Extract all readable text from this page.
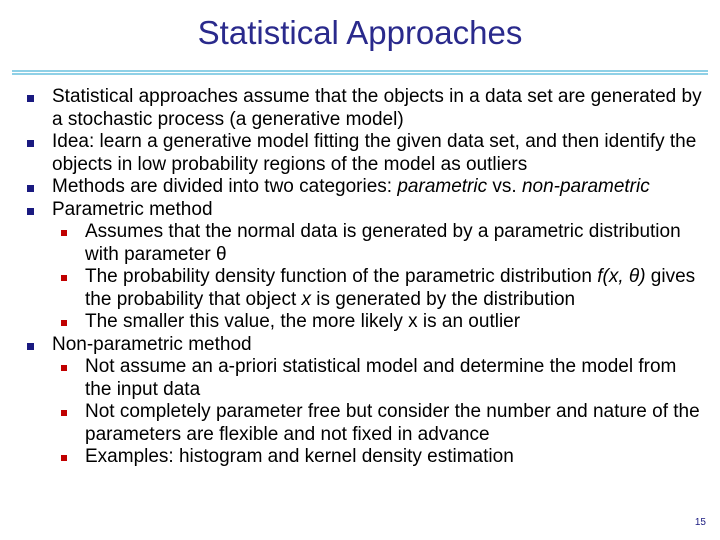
Statistical Approaches

Statistical approaches assume that the objects in a data set are generated by a stochastic process (a generative model)

Idea: learn a generative model fitting the given data set, and then identify the objects in low probability regions of the model as outliers

Methods are divided into two categories: parametric vs. non-parametric

Parametric method

Assumes that the normal data is generated by a parametric distribution with parameter θ

The probability density function of the parametric distribution f(x, θ) gives the probability that object x is generated by the distribution

The smaller this value, the more likely x is an outlier

Non-parametric method

Not assume an a-priori statistical model and determine the model from the input data

Not completely parameter free but consider the number and nature of the parameters are flexible and not fixed in advance

Examples: histogram and kernel density estimation

15
